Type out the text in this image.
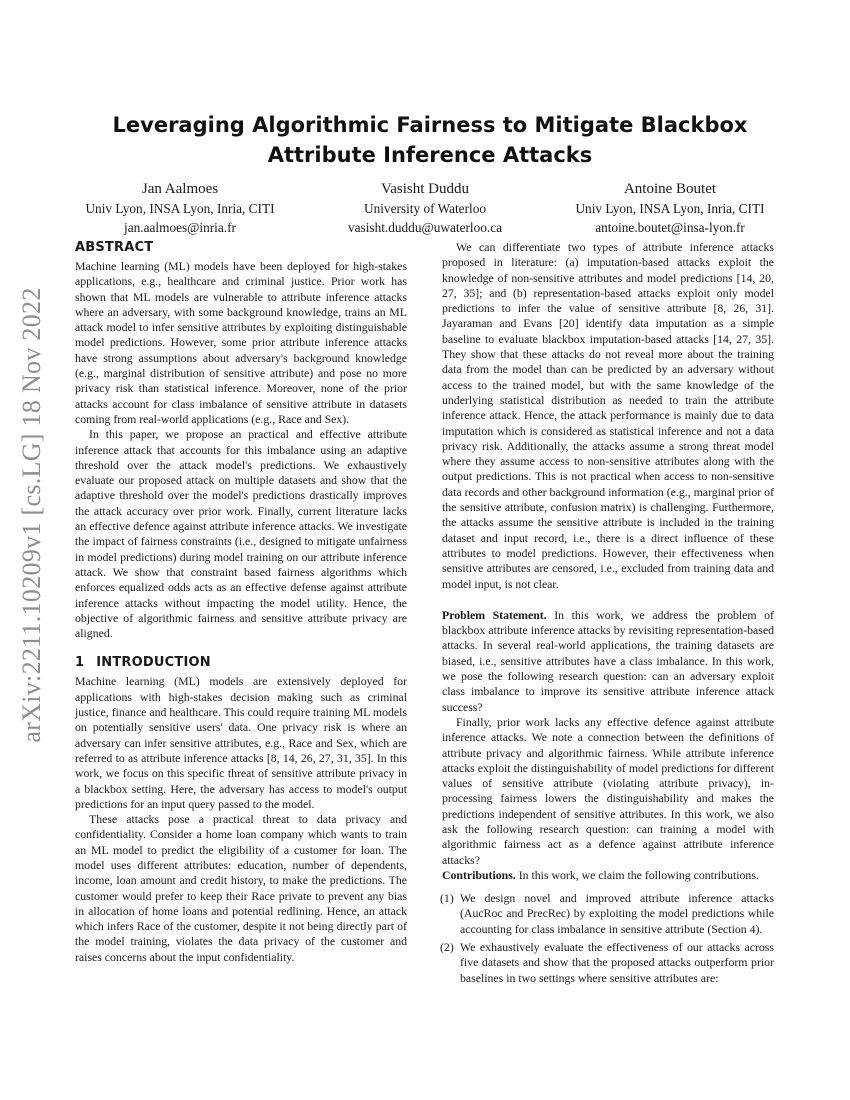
arXiv:2211.10209v1 [cs.LG] 18 Nov 2022
Leveraging Algorithmic Fairness to Mitigate Blackbox Attribute Inference Attacks
Jan Aalmoes
Univ Lyon, INSA Lyon, Inria, CITI
jan.aalmoes@inria.fr
Vasisht Duddu
University of Waterloo
vasisht.duddu@uwaterloo.ca
Antoine Boutet
Univ Lyon, INSA Lyon, Inria, CITI
antoine.boutet@insa-lyon.fr
ABSTRACT

Machine learning (ML) models have been deployed for high-stakes applications, e.g., healthcare and criminal justice. Prior work has shown that ML models are vulnerable to attribute inference attacks where an adversary, with some background knowledge, trains an ML attack model to infer sensitive attributes by exploiting distinguishable model predictions. However, some prior attribute inference attacks have strong assumptions about adversary's background knowledge (e.g., marginal distribution of sensitive attribute) and pose no more privacy risk than statistical inference. Moreover, none of the prior attacks account for class imbalance of sensitive attribute in datasets coming from real-world applications (e.g., Race and Sex).

In this paper, we propose an practical and effective attribute inference attack that accounts for this imbalance using an adaptive threshold over the attack model's predictions. We exhaustively evaluate our proposed attack on multiple datasets and show that the adaptive threshold over the model's predictions drastically improves the attack accuracy over prior work. Finally, current literature lacks an effective defence against attribute inference attacks. We investigate the impact of fairness constraints (i.e., designed to mitigate unfairness in model predictions) during model training on our attribute inference attack. We show that constraint based fairness algorithms which enforces equalized odds acts as an effective defense against attribute inference attacks without impacting the model utility. Hence, the objective of algorithmic fairness and sensitive attribute privacy are aligned.

1 INTRODUCTION

Machine learning (ML) models are extensively deployed for applications with high-stakes decision making such as criminal justice, finance and healthcare. This could require training ML models on potentially sensitive users' data. One privacy risk is where an adversary can infer sensitive attributes, e.g., Race and Sex, which are referred to as attribute inference attacks [8, 14, 26, 27, 31, 35]. In this work, we focus on this specific threat of sensitive attribute privacy in a blackbox setting. Here, the adversary has access to model's output predictions for an input query passed to the model.

These attacks pose a practical threat to data privacy and confidentiality. Consider a home loan company which wants to train an ML model to predict the eligibility of a customer for loan. The model uses different attributes: education, number of dependents, income, loan amount and credit history, to make the predictions. The customer would prefer to keep their Race private to prevent any bias in allocation of home loans and potential redlining. Hence, an attack which infers Race of the customer, despite it not being directly part of the model training, violates the data privacy of the customer and raises concerns about the input confidentiality.

We can differentiate two types of attribute inference attacks proposed in literature: (a) imputation-based attacks exploit the knowledge of non-sensitive attributes and model predictions [14, 20, 27, 35]; and (b) representation-based attacks exploit only model predictions to infer the value of sensitive attribute [8, 26, 31]. Jayaraman and Evans [20] identify data imputation as a simple baseline to evaluate blackbox imputation-based attacks [14, 27, 35]. They show that these attacks do not reveal more about the training data from the model than can be predicted by an adversary without access to the trained model, but with the same knowledge of the underlying statistical distribution as needed to train the attribute inference attack. Hence, the attack performance is mainly due to data imputation which is considered as statistical inference and not a data privacy risk. Additionally, the attacks assume a strong threat model where they assume access to non-sensitive attributes along with the output predictions. This is not practical when access to non-sensitive data records and other background information (e.g., marginal prior of the sensitive attribute, confusion matrix) is challenging. Furthermore, the attacks assume the sensitive attribute is included in the training dataset and input record, i.e., there is a direct influence of these attributes to model predictions. However, their effectiveness when sensitive attributes are censored, i.e., excluded from training data and model input, is not clear.

Problem Statement. In this work, we address the problem of blackbox attribute inference attacks by revisiting representation-based attacks. In several real-world applications, the training datasets are biased, i.e., sensitive attributes have a class imbalance. In this work, we pose the following research question: can an adversary exploit class imbalance to improve its sensitive attribute inference attack success?

Finally, prior work lacks any effective defence against attribute inference attacks. We note a connection between the definitions of attribute privacy and algorithmic fairness. While attribute inference attacks exploit the distinguishability of model predictions for different values of sensitive attribute (violating attribute privacy), in-processing fairness lowers the distinguishability and makes the predictions independent of sensitive attributes. In this work, we also ask the following research question: can training a model with algorithmic fairness act as a defence against attribute inference attacks?

Contributions. In this work, we claim the following contributions.

(1) We design novel and improved attribute inference attacks (AucRoc and PrecRec) by exploiting the model predictions while accounting for class imbalance in sensitive attribute (Section 4).
(2) We exhaustively evaluate the effectiveness of our attacks across five datasets and show that the proposed attacks outperform prior baselines in two settings where sensitive attributes are:
